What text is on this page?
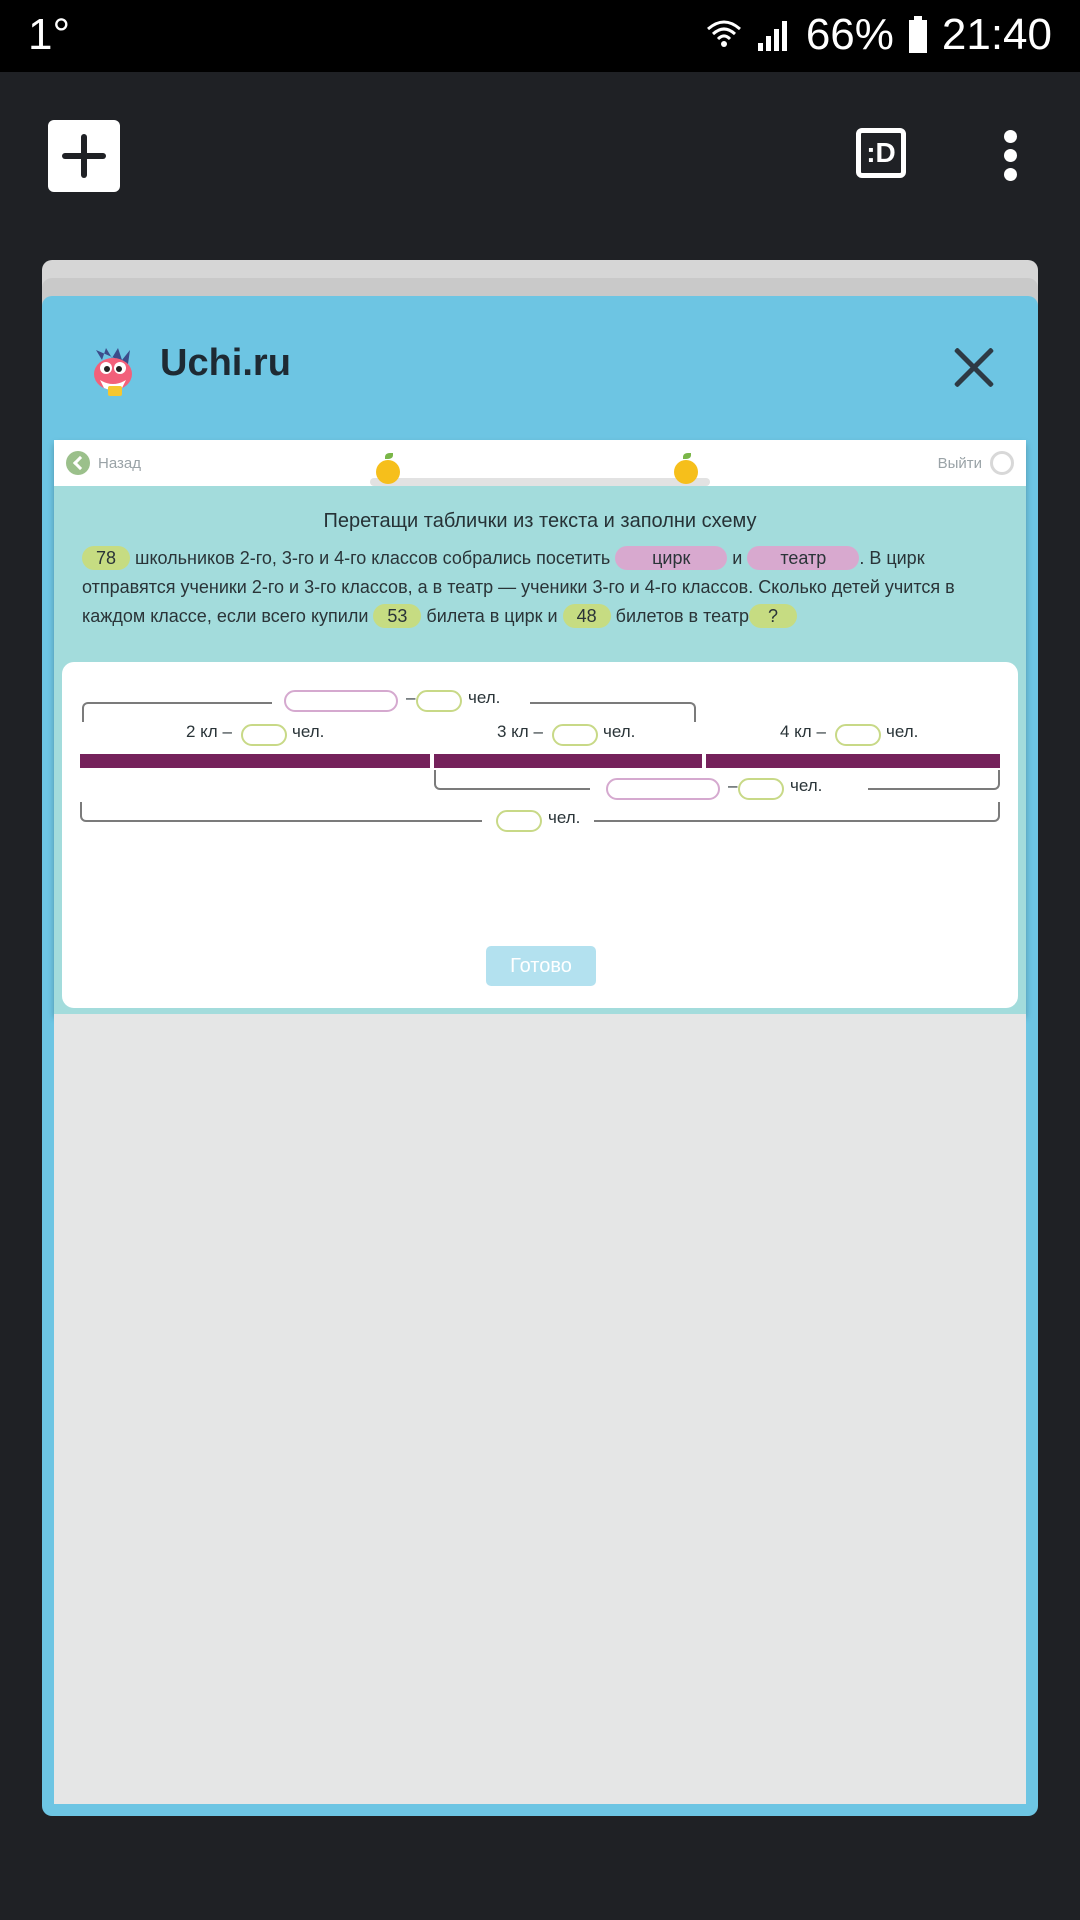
1°	66% 21:40
:D
Uchi.ru
Назад	Выйти
Перетащи таблички из текста и заполни схему
78 школьников 2-го, 3-го и 4-го классов собрались посетить цирк и театр . В цирк отправятся ученики 2-го и 3-го классов, а в театр — ученики 3-го и 4-го классов. Сколько детей учится в каждом классе, если всего купили 53 билета в цирк и 48 билетов в театр ?
–	чел.
2 кл –	чел.	3 кл –	чел.	4 кл –	чел.
–	чел.
чел.
Готово
